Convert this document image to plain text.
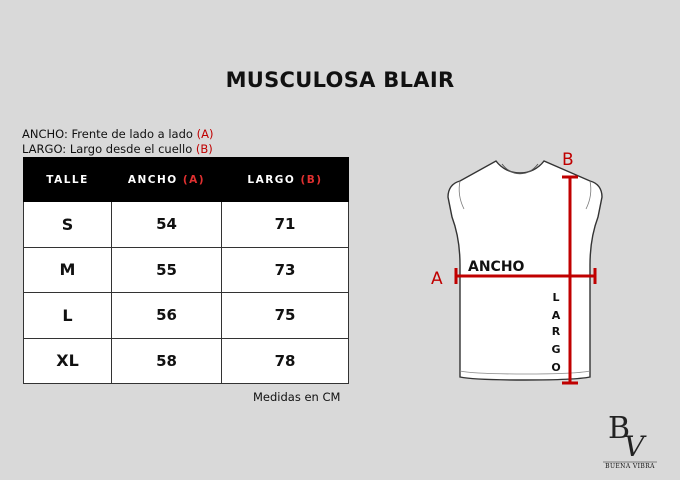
MUSCULOSA BLAIR
ANCHO: Frente de lado a lado (A)
LARGO: Largo desde el cuello (B)
TALLE	ANCHO (A)	LARGO (B)
S	54	71
M	55	73
L	56	75
XL	58	78
Medidas en CM
B
A
ANCHO
L
A
R
G
O
B
V
BUENA VIBRA
